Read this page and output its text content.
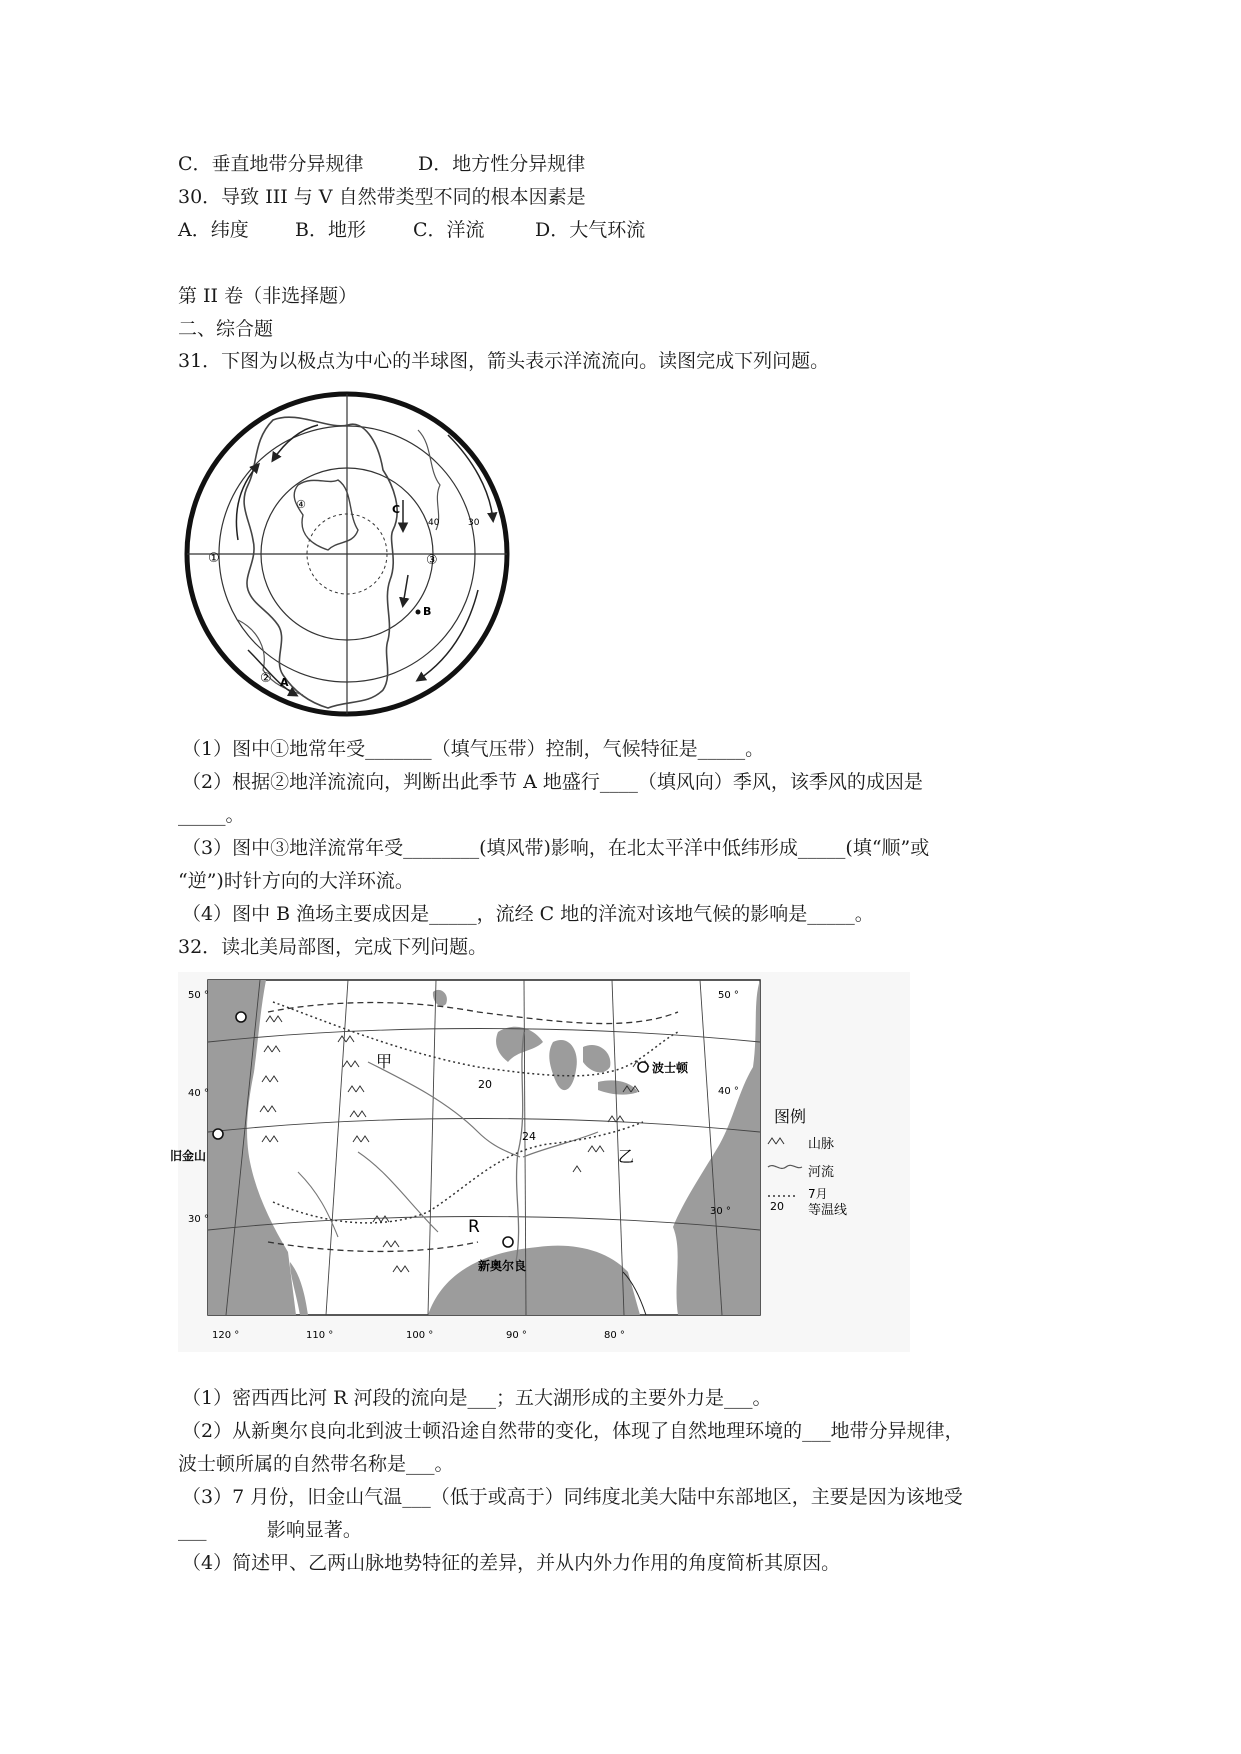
C．垂直地带分异规律	D．地方性分异规律
30．导致 III 与 V 自然带类型不同的根本因素是
A．纬度 B．地形 C．洋流	D．大气环流
第 II 卷（非选择题）
二、综合题
31．下图为以极点为中心的半球图，箭头表示洋流流向。读图完成下列问题。
①
②
③
④
A
B
C
40	30
（1）图中①地常年受_______（填气压带）控制，气候特征是_____。
（2）根据②地洋流流向，判断出此季节 A 地盛行____（填风向）季风，该季风的成因是
_____。
（3）图中③地洋流常年受________(填风带)影响，在北太平洋中低纬形成_____(填“顺”或
“逆”)时针方向的大洋环流。
（4）图中 B 渔场主要成因是_____，流经 C 地的洋流对该地气候的影响是_____。
32．读北美局部图，完成下列问题。
50 °	50 °
40 °	40 °
30 °
30 °
120 °	110 °	100 °	90 °	80 °
甲
乙
R
波士顿
旧金山
新奥尔良
20
24
图例
山脉
河流
20
7月
等温线
（1）密西西比河 R 河段的流向是___；五大湖形成的主要外力是___。
（2）从新奥尔良向北到波士顿沿途自然带的变化，体现了自然地理环境的___地带分异规律，
波士顿所属的自然带名称是___。
（3）7 月份，旧金山气温___（低于或高于）同纬度北美大陆中东部地区，主要是因为该地受
___          影响显著。
（4）简述甲、乙两山脉地势特征的差异，并从内外力作用的角度简析其原因。
